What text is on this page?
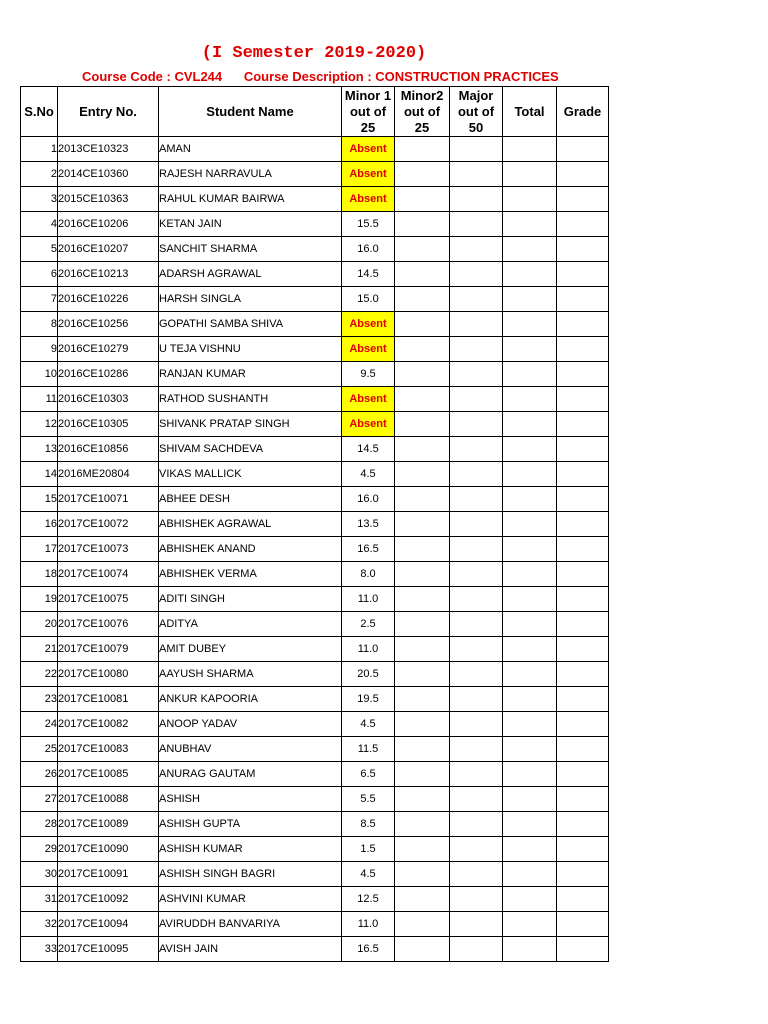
(I Semester 2019-2020)
Course Code : CVL244      Course Description : CONSTRUCTION PRACTICES
S.No	Entry No.	Student Name	Minor 1 out of 25	Minor2 out of 25	Major out of 50	Total	Grade
1	2013CE10323	AMAN	Absent				
2	2014CE10360	RAJESH NARRAVULA	Absent				
3	2015CE10363	RAHUL KUMAR BAIRWA	Absent				
4	2016CE10206	KETAN JAIN	15.5				
5	2016CE10207	SANCHIT SHARMA	16.0				
6	2016CE10213	ADARSH AGRAWAL	14.5				
7	2016CE10226	HARSH SINGLA	15.0				
8	2016CE10256	GOPATHI SAMBA SHIVA	Absent				
9	2016CE10279	U TEJA VISHNU	Absent				
10	2016CE10286	RANJAN KUMAR	9.5				
11	2016CE10303	RATHOD SUSHANTH	Absent				
12	2016CE10305	SHIVANK PRATAP SINGH	Absent				
13	2016CE10856	SHIVAM SACHDEVA	14.5				
14	2016ME20804	VIKAS MALLICK	4.5				
15	2017CE10071	ABHEE DESH	16.0				
16	2017CE10072	ABHISHEK AGRAWAL	13.5				
17	2017CE10073	ABHISHEK ANAND	16.5				
18	2017CE10074	ABHISHEK VERMA	8.0				
19	2017CE10075	ADITI SINGH	11.0				
20	2017CE10076	ADITYA	2.5				
21	2017CE10079	AMIT DUBEY	11.0				
22	2017CE10080	AAYUSH SHARMA	20.5				
23	2017CE10081	ANKUR KAPOORIA	19.5				
24	2017CE10082	ANOOP YADAV	4.5				
25	2017CE10083	ANUBHAV	11.5				
26	2017CE10085	ANURAG GAUTAM	6.5				
27	2017CE10088	ASHISH	5.5				
28	2017CE10089	ASHISH GUPTA	8.5				
29	2017CE10090	ASHISH KUMAR	1.5				
30	2017CE10091	ASHISH SINGH BAGRI	4.5				
31	2017CE10092	ASHVINI KUMAR	12.5				
32	2017CE10094	AVIRUDDH BANVARIYA	11.0				
33	2017CE10095	AVISH JAIN	16.5				
